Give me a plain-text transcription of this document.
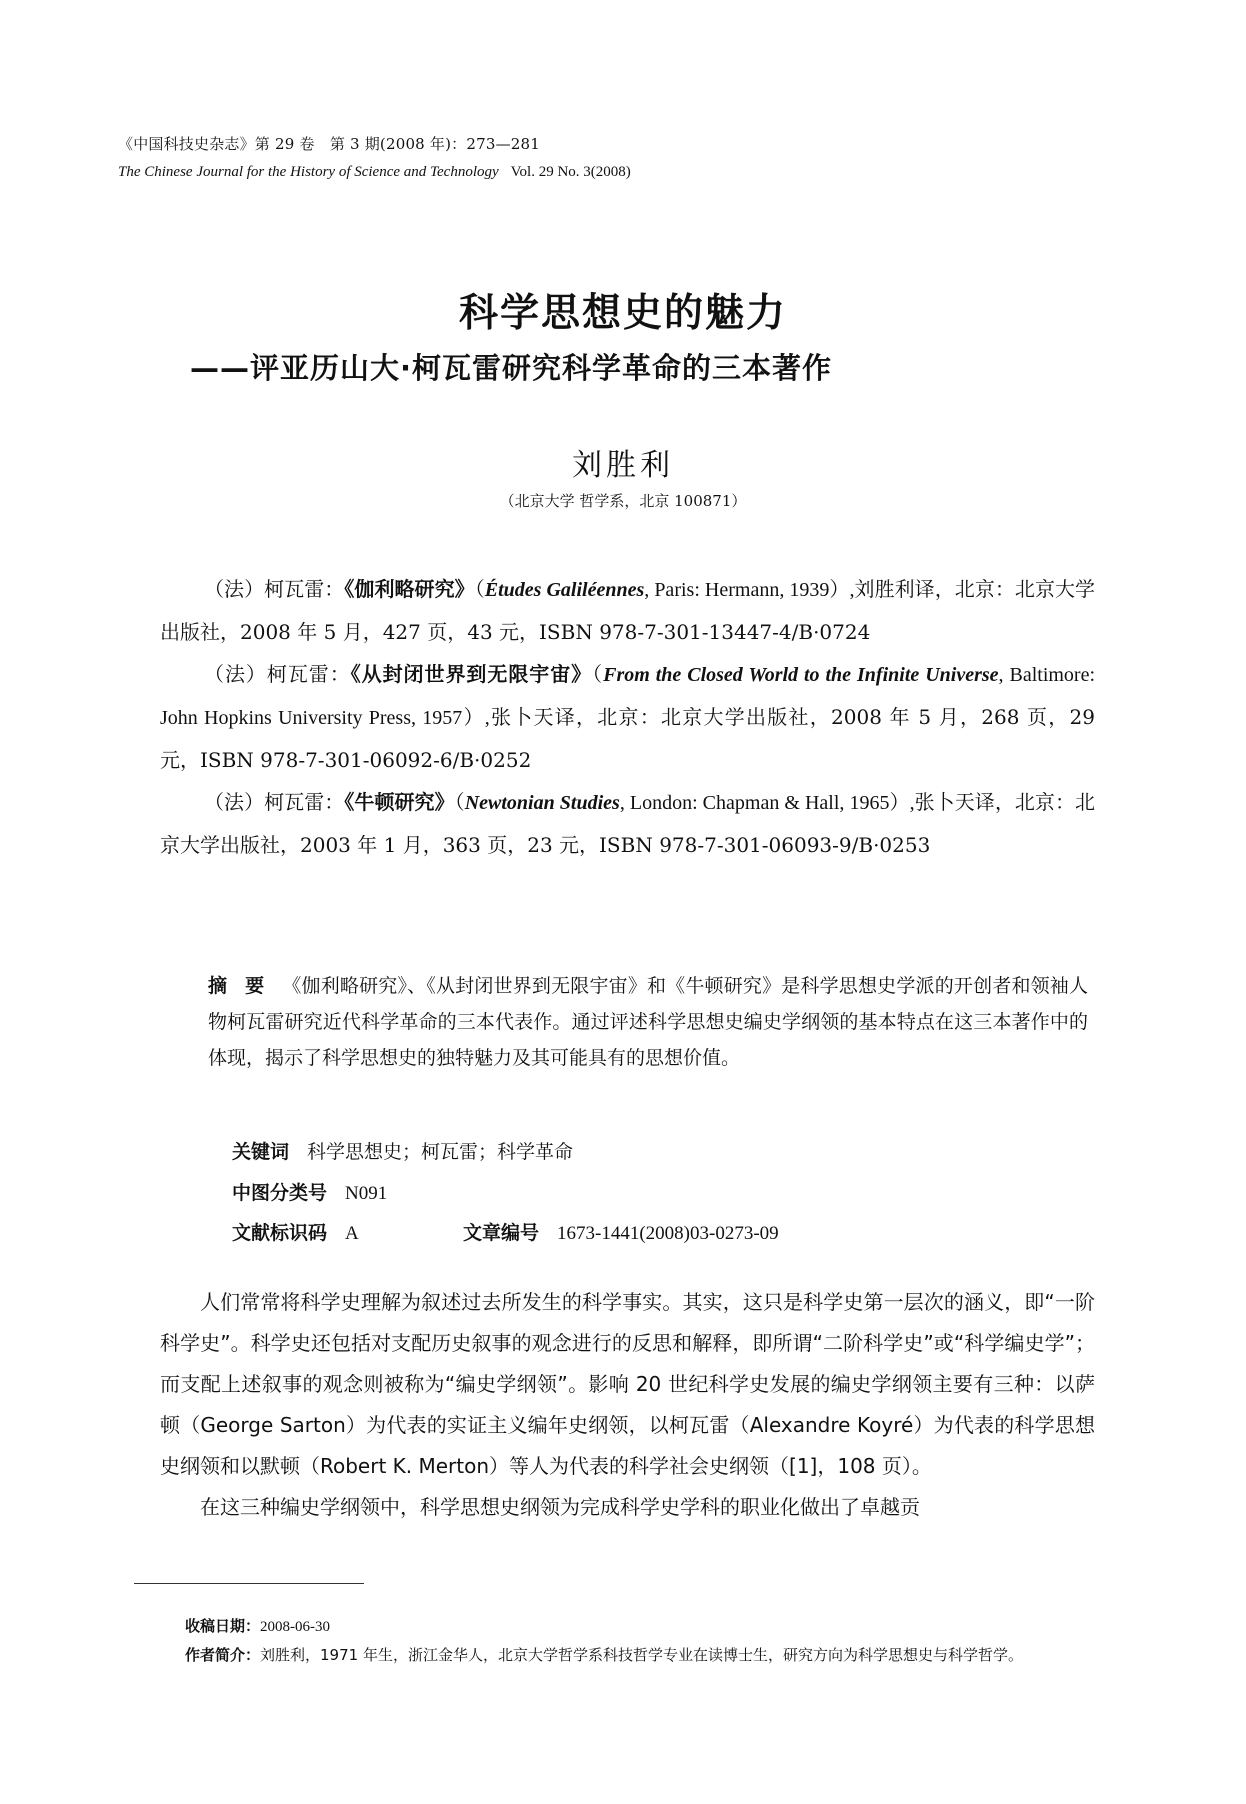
《中国科技史杂志》第 29 卷　第 3 期(2008 年)：273—281
The Chinese Journal for the History of Science and Technology Vol. 29 No. 3(2008)
科学思想史的魅力
——评亚历山大·柯瓦雷研究科学革命的三本著作
刘胜利
（北京大学 哲学系，北京 100871）

（法）柯瓦雷：《伽利略研究》（Études Galiléennes, Paris: Hermann, 1939）,刘胜利译，北京：北京大学出版社，2008 年 5 月，427 页，43 元，ISBN 978-7-301-13447-4/B·0724

（法）柯瓦雷：《从封闭世界到无限宇宙》（From the Closed World to the Infinite Universe, Baltimore: John Hopkins University Press, 1957）,张卜天译，北京：北京大学出版社，2008 年 5 月，268 页，29 元，ISBN 978-7-301-06092-6/B·0252

（法）柯瓦雷：《牛顿研究》（Newtonian Studies, London: Chapman & Hall, 1965）,张卜天译，北京：北京大学出版社，2003 年 1 月，363 页，23 元，ISBN 978-7-301-06093-9/B·0253

摘要《伽利略研究》、《从封闭世界到无限宇宙》和《牛顿研究》是科学思想史学派的开创者和领袖人物柯瓦雷研究近代科学革命的三本代表作。通过评述科学思想史编史学纲领的基本特点在这三本著作中的体现，揭示了科学思想史的独特魅力及其可能具有的思想价值。
关键词 科学思想史；柯瓦雷；科学革命
中图分类号 N091
文献标识码 A	文章编号 1673-1441(2008)03-0273-09

人们常常将科学史理解为叙述过去所发生的科学事实。其实，这只是科学史第一层次的涵义，即“一阶科学史”。科学史还包括对支配历史叙事的观念进行的反思和解释，即所谓“二阶科学史”或“科学编史学”；而支配上述叙事的观念则被称为“编史学纲领”。影响 20 世纪科学史发展的编史学纲领主要有三种：以萨顿（George Sarton）为代表的实证主义编年史纲领，以柯瓦雷（Alexandre Koyré）为代表的科学思想史纲领和以默顿（Robert K. Merton）等人为代表的科学社会史纲领（[1]，108 页）。

在这三种编史学纲领中，科学思想史纲领为完成科学史学科的职业化做出了卓越贡

收稿日期：2008-06-30
作者简介：刘胜利，1971 年生，浙江金华人，北京大学哲学系科技哲学专业在读博士生，研究方向为科学思想史与科学哲学。
